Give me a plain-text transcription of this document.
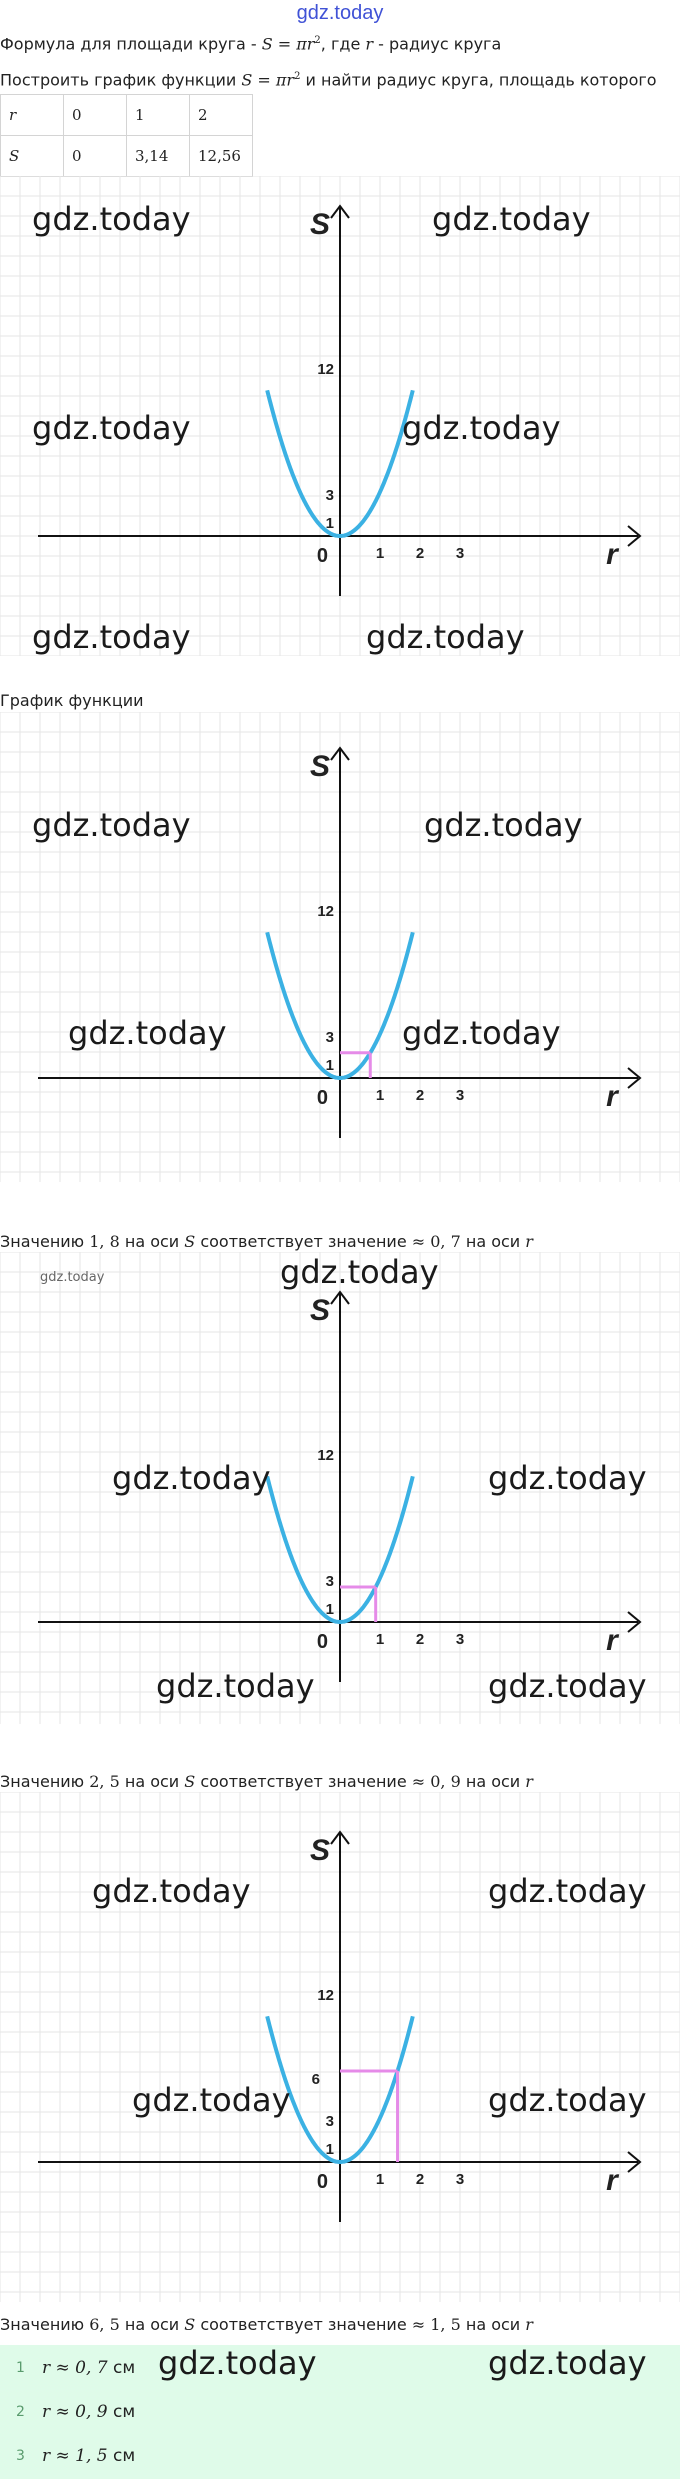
gdz.today
Формула для площади круга - $S = \pi r^2$, где r - радиус круга
Построить график функции $S = \pi r^2$ и найти радиус круга, площадь которого
r	0	1	2
S	0	3,14	12,56
1 2 3
1
3
12
0
S
r
gdz.today	gdz.today
gdz.today	gdz.today
gdz.today	gdz.today
График функции
1 2 3
1
3
12
0
S
r
gdz.today	gdz.today
gdz.today	gdz.today
Значению 1, 8 на оси S соответствует значение ≈ 0, 7 на оси r
1 2 3
1
3
12
0
S
r
gdz.today	gdz.today
gdz.today	gdz.today
gdz.today	gdz.today
Значению 2, 5 на оси S соответствует значение ≈ 0, 9 на оси r
6
1 2 3
1
3
12
0
S
r
gdz.today	gdz.today
gdz.today	gdz.today
Значению 6, 5 на оси S соответствует значение ≈ 1, 5 на оси r
1 r ≈ 0, 7 см
2 r ≈ 0, 9 см
3 r ≈ 1, 5 см
gdz.today	gdz.today
